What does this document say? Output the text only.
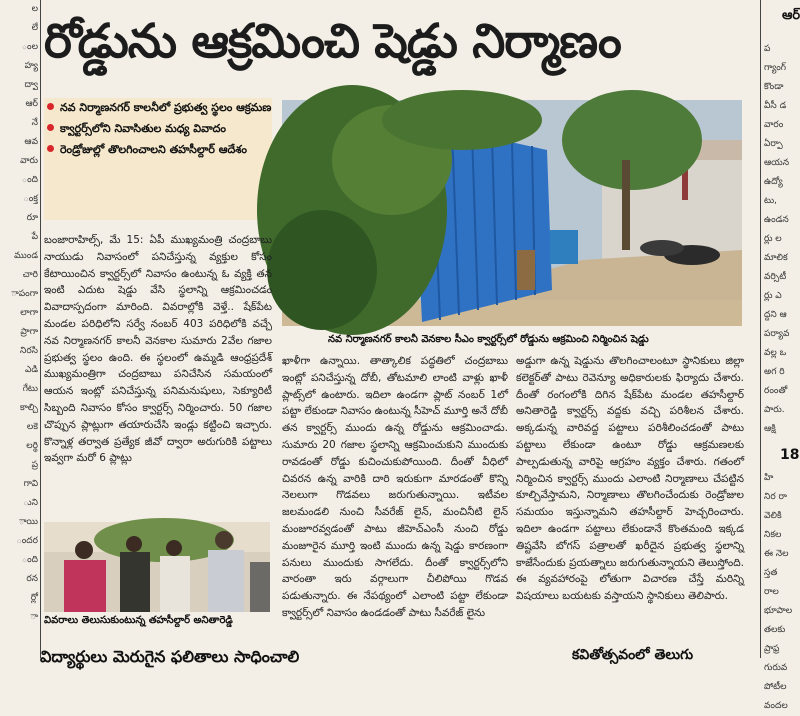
ల
లే
ంల
హ్య
ద్వా
ఆర్
నే
ఆవ
వారు
ంది
ంక్త
రూ
పే
ముండ
చారి
ాపంగా
లాగా
ప్రాగా
నిరసి
ఎడి
గేటు
కాల్చి
లకె
లర్థి
ప్ర
గావి
ుని
ాయి
ందర
ంది
రన
ర్లో
ా
రోడ్డును ఆక్రమించి షెడ్డు నిర్మాణం
నవ నిర్మాణనగర్ కాలనీలో ప్రభుత్వ స్థలం ఆక్రమణ
క్వార్టర్స్‌లోని నివాసితుల మధ్య వివాదం
రెండ్రోజుల్లో తొలగించాలని తహసీల్దార్ ఆదేశం
నవ నిర్మాణనగర్ కాలనీ వెనకాల సీఎం క్వార్టర్స్‌లో రోడ్డును ఆక్రమించి నిర్మించిన షెడ్డు

బంజారాహిల్స్, మే 15: ఏపీ ముఖ్యమంత్రి చంద్రబాబు నాయుడు నివాసంలో పనిచేస్తున్న వ్యక్తుల కోసం కేటాయించిన క్వార్టర్స్‌లో నివాసం ఉంటున్న ఓ వ్యక్తి తన ఇంటి ఎదుట షెడ్డు వేసి స్థలాన్ని ఆక్రమించడం వివాదాస్పదంగా మారింది. వివరాల్లోకి వెళ్తే.. షేక్‌పేట మండల పరిధిలోని సర్వే నంబర్ 403 పరిధిలోకి వచ్చే నవ నిర్మాణనగర్ కాలనీ వెనకాల సుమారు 2వేల గజాల ప్రభుత్వ స్థలం ఉంది. ఈ స్థలంలో ఉమ్మడి ఆంధ్రప్రదేశ్ ముఖ్యమంత్రిగా చంద్రబాబు పనిచేసిన సమయంలో ఆయన ఇంట్లో పనిచేస్తున్న పనిమనుషులు, సెక్యూరిటీ సిబ్బంది నివాసం కోసం క్వార్టర్స్ నిర్మించారు. 50 గజాల చొప్పున ప్లాట్లుగా తయారుచేసి ఇండ్లు కట్టించి ఇచ్చారు. కొన్నాళ్ల తర్వాత ప్రత్యేక జీవో ద్వారా అరుగురికి పట్టాలు ఇవ్వగా మరో 6 ప్లాట్లు

ఖాళీగా ఉన్నాయి. తాత్కాలిక పద్ధతిలో చంద్రబాబు ఇంట్లో పనిచేస్తున్న దోబీ, తోటమాలి లాంటి వాళ్లు ఖాళీ ప్లాట్స్‌లో ఉంటారు. ఇదిలా ఉండగా ప్లాట్ నంబర్ 1లో పట్టా లేకుండా నివాసం ఉంటున్న సీహెచ్ మూర్తి అనే దోబీ తన క్వార్టర్స్ ముందు ఉన్న రోడ్డును ఆక్రమించాడు. సుమారు 20 గజాల స్థలాన్ని ఆక్రమించుకుని ముందుకు రావడంతో రోడ్డు కుచించుకుపోయింది. దీంతో వీధిలో చివరన ఉన్న వారికి దారి ఇరుకుగా మారడంతో కొన్ని నెలలుగా గొడవలు జరుగుతున్నాయి. ఇటీవల జలమండలి నుంచి సీవరేజ్ లైన్, మంచినీటి లైన్ మంజూరవ్వడంతో పాటు జీహెచ్‌ఎంసీ నుంచి రోడ్డు మంజూరైన మూర్తి ఇంటి ముందు ఉన్న షెడ్డు కారణంగా పనులు ముందుకు సాగలేదు. దీంతో క్వార్టర్స్‌లోని వారంతా ఇరు వర్గాలుగా చీలిపోయి గొడవ పడుతున్నారు. ఈ నేపథ్యంలో ఎలాంటి పట్టా లేకుండా క్వార్టర్స్‌లో నివాసం ఉండడంతో పాటు సీవరేజ్ లైను

అడ్డుగా ఉన్న షెడ్డును తొలగించాలంటూ స్థానికులు జిల్లా కలెక్టర్‌తో పాటు రెవెన్యూ అధికారులకు ఫిర్యాదు చేశారు. దీంతో రంగంలోకి దిగిన షేక్‌పేట మండల తహసీల్దార్ అనితారెడ్డి క్వార్టర్స్ వద్దకు వచ్చి పరిశీలన చేశారు. అక్కడున్న వారివద్ద పట్టాలు పరిశీలించడంతో పాటు పట్టాలు లేకుండా ఉంటూ రోడ్డు ఆక్రమణలకు పాల్పడుతున్న వారిపై ఆగ్రహం వ్యక్తం చేశారు. గతంలో నిర్మించిన క్వార్టర్స్ ముందు ఎలాంటి నిర్మాణాలు చేపట్టిన కూల్చివేస్తామని, నిర్మాణాలు తొలగించేందుకు రెండ్రోజుల సమయం ఇస్తున్నామని తహసీల్దార్ హెచ్చరించారు. ఇదిలా ఉండగా పట్టాలు లేకుండానే కొంతమంది ఇక్కడ తిష్టవేసి బోగస్ పత్రాలతో ఖరీదైన ప్రభుత్వ స్థలాన్ని కాజేసేందుకు ప్రయత్నాలు జరుగుతున్నాయని తెలుస్తోంది. ఈ వ్యవహారంపై లోతుగా విచారణ చేస్తే మరిన్ని విషయాలు బయటకు వస్తాయని స్థానికులు తెలిపారు.

వివరాలు తెలుసుకుంటున్న తహసీల్దార్ అనితారెడ్డి
ఆర్
ప
గ్యాంగ్
కొండా
వీసీ డ
వారం
ఏర్పా
ఆయన
ఉద్యో
టు,
ఉండన
ర్లు ల
మాలిక
వర్సిటీ
ర్లు ఎ
ద్దని ఆ
పర్యావ
వల్ల ఒ
అగ రి
రంంతో
పారు.
ఆక్షి
18
హి
నిర రా
వెలికి
నికల
ఈ నెల
స్తత
రాల
భూపాల
తలకు
ప్రాఫ్ర
గురువ
పోటీల
వందల
విద్యార్థులు మెరుగైన ఫలితాలు సాధించాలి	కవితోత్సవంలో తెలుగు
